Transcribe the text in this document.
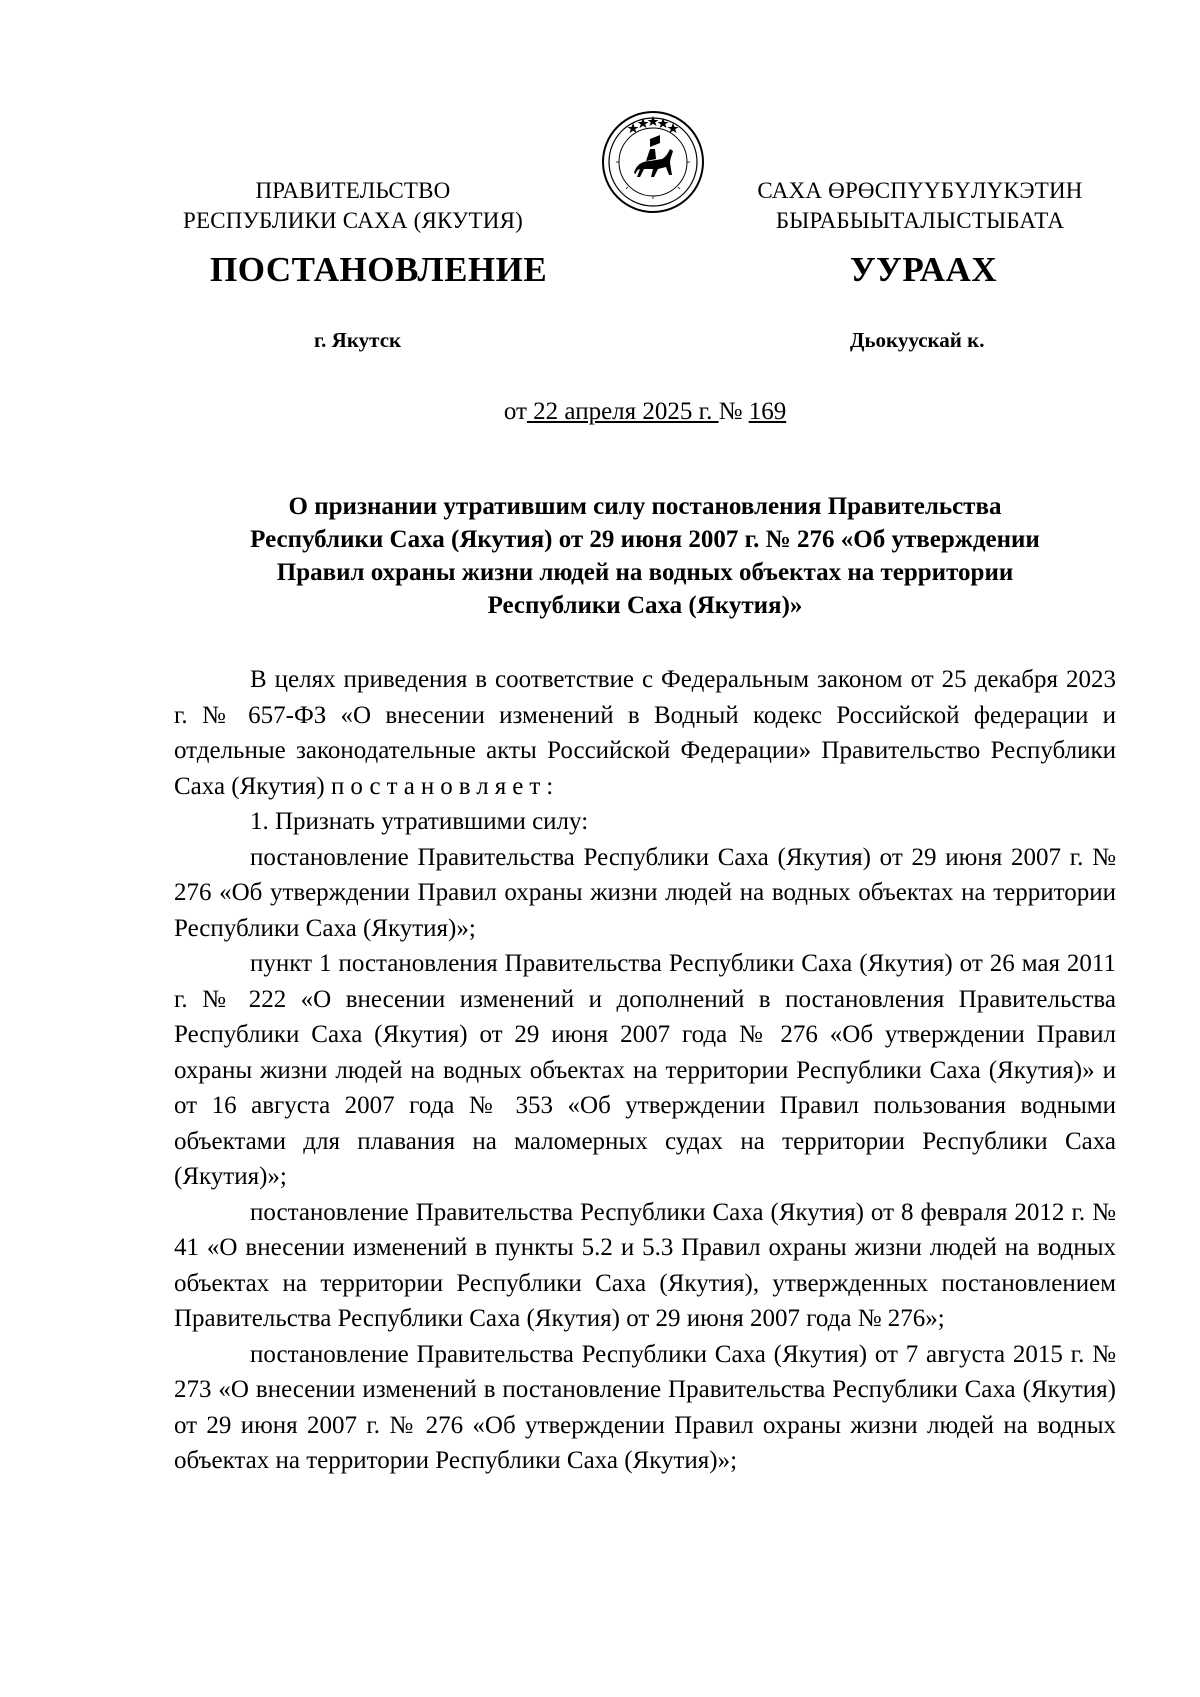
ПРАВИТЕЛЬСТВО
РЕСПУБЛИКИ САХА (ЯКУТИЯ)
САХА ӨРӨСПҮҮБҮЛҮКЭТИН
БЫРАБЫЫТАЛЫСТЫБАТА
ПОСТАНОВЛЕНИЕ	УУРААХ
г. Якутск	Дьокуускай к.
от 22 апреля 2025 г. № 169
О признании утратившим силу постановления Правительства
Республики Саха (Якутия) от 29 июня 2007 г. № 276 «Об утверждении
Правил охраны жизни людей на водных объектах на территории
Республики Саха (Якутия)»

В целях приведения в соответствие с Федеральным законом от 25 декабря 2023 г. № 657-ФЗ «О внесении изменений в Водный кодекс Российской федерации и отдельные законодательные акты Российской Федерации» Правительство Республики Саха (Якутия) постановляет:

1. Признать утратившими силу:

постановление Правительства Республики Саха (Якутия) от 29 июня 2007 г. № 276 «Об утверждении Правил охраны жизни людей на водных объектах на территории Республики Саха (Якутия)»;

пункт 1 постановления Правительства Республики Саха (Якутия) от 26 мая 2011 г. № 222 «О внесении изменений и дополнений в постановления Правительства Республики Саха (Якутия) от 29 июня 2007 года № 276 «Об утверждении Правил охраны жизни людей на водных объектах на территории Республики Саха (Якутия)» и от 16 августа 2007 года № 353 «Об утверждении Правил пользования водными объектами для плавания на маломерных судах на территории Республики Саха (Якутия)»;

постановление Правительства Республики Саха (Якутия) от 8 февраля 2012 г. № 41 «О внесении изменений в пункты 5.2 и 5.3 Правил охраны жизни людей на водных объектах на территории Республики Саха (Якутия), утвержденных постановлением Правительства Республики Саха (Якутия) от 29 июня 2007 года № 276»;

постановление Правительства Республики Саха (Якутия) от 7 августа 2015 г. № 273 «О внесении изменений в постановление Правительства Республики Саха (Якутия) от 29 июня 2007 г. № 276 «Об утверждении Правил охраны жизни людей на водных объектах на территории Республики Саха (Якутия)»;
